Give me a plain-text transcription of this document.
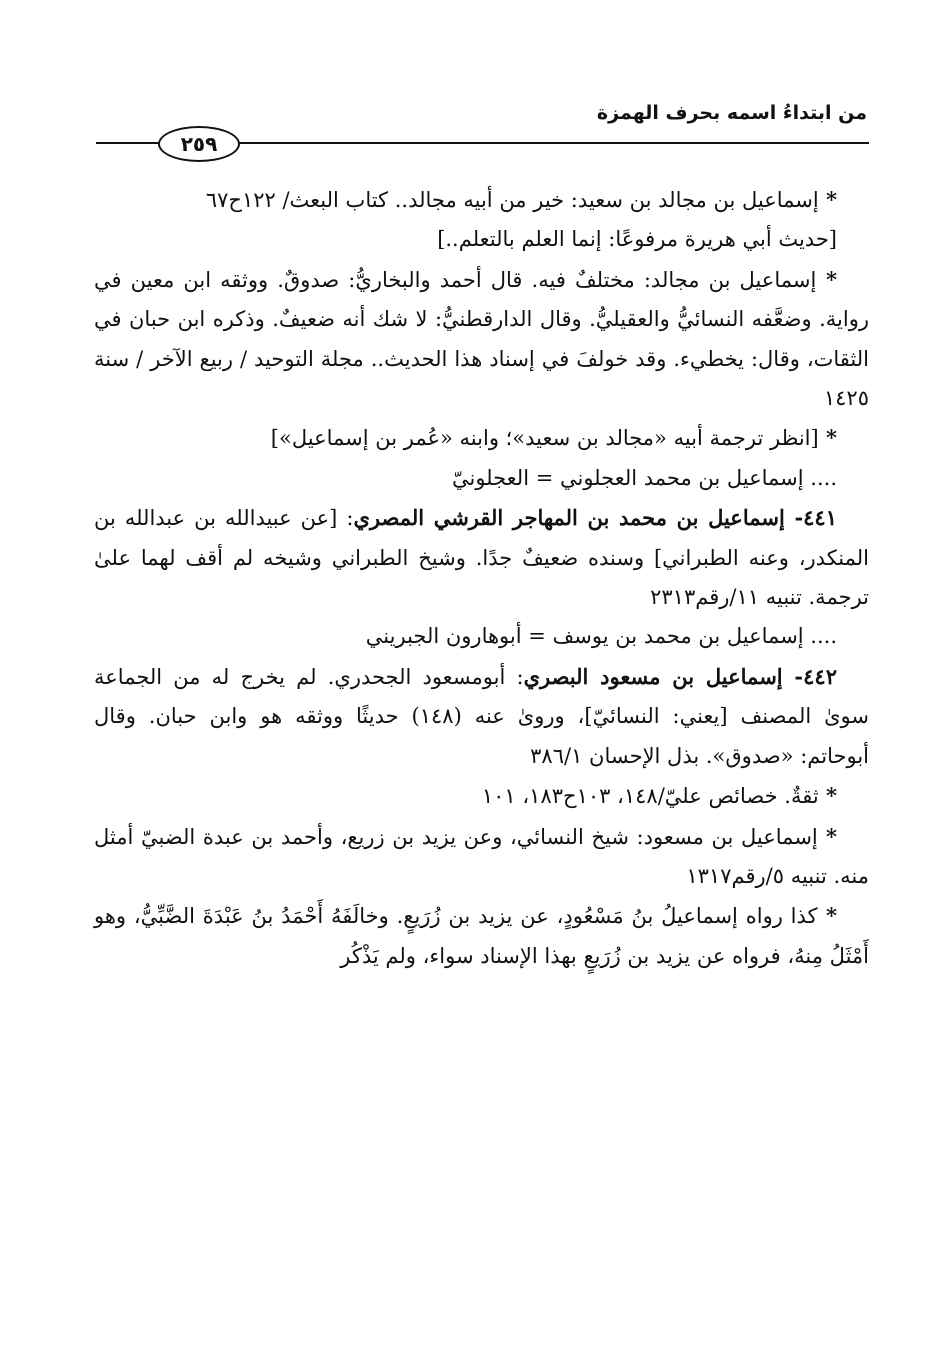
من ابتداءُ اسمه بحرف الهمزة
٢٥٩

* إسماعيل بن مجالد بن سعيد: خير من أبيه مجالد.. كتاب البعث/ ١٢٢ح٦٧

[حديث أبي هريرة مرفوعًا: إنما العلم بالتعلم..]

* إسماعيل بن مجالد: مختلفٌ فيه. قال أحمد والبخاريُّ: صدوقٌ. ووثقه ابن معين في رواية. وضعَّفه النسائيُّ والعقيليُّ. وقال الدارقطنيُّ: لا شك أنه ضعيفٌ. وذكره ابن حبان في الثقات، وقال: يخطيء. وقد خولفَ في إسناد هذا الحديث.. مجلة التوحيد / ربيع الآخر / سنة ١٤٢٥

* [انظر ترجمة أبيه «مجالد بن سعيد»؛ وابنه «عُمر بن إسماعيل»]

.... إسماعيل بن محمد العجلوني = العجلونيّ

٤٤١- إسماعيل بن محمد بن المهاجر القرشي المصري: [عن عبيدالله بن عبدالله بن المنكدر، وعنه الطبراني] وسنده ضعيفٌ جدًا. وشيخ الطبراني وشيخه لم أقف لهما علىٰ ترجمة. تنبيه ١١/رقم٢٣١٣

.... إسماعيل بن محمد بن يوسف = أبوهارون الجبريني

٤٤٢- إسماعيل بن مسعود البصري: أبومسعود الجحدري. لم يخرج له من الجماعة سوىٰ المصنف [يعني: النسائيّ]، وروىٰ عنه (١٤٨) حديثًا ووثقه هو وابن حبان. وقال أبوحاتم: «صدوق». بذل الإحسان ٣٨٦/١

* ثقةٌ. خصائص عليّ/١٤٨، ١٠٣ح١٨٣، ١٠١

* إسماعيل بن مسعود: شيخ النسائي، وعن يزيد بن زريع، وأحمد بن عبدة الضبيّ أمثل منه. تنبيه ٥/رقم١٣١٧

* كذا رواه إسماعيلُ بنُ مَسْعُودٍ، عن يزيد بن زُرَيعٍ. وخالَفَهُ أَحْمَدُ بنُ عَبْدَةَ الضَّبِّيُّ، وهو أَمْثَلُ مِنهُ، فرواه عن يزيد بن زُرَيعٍ بهذا الإسناد سواء، ولم يَذْكُر
